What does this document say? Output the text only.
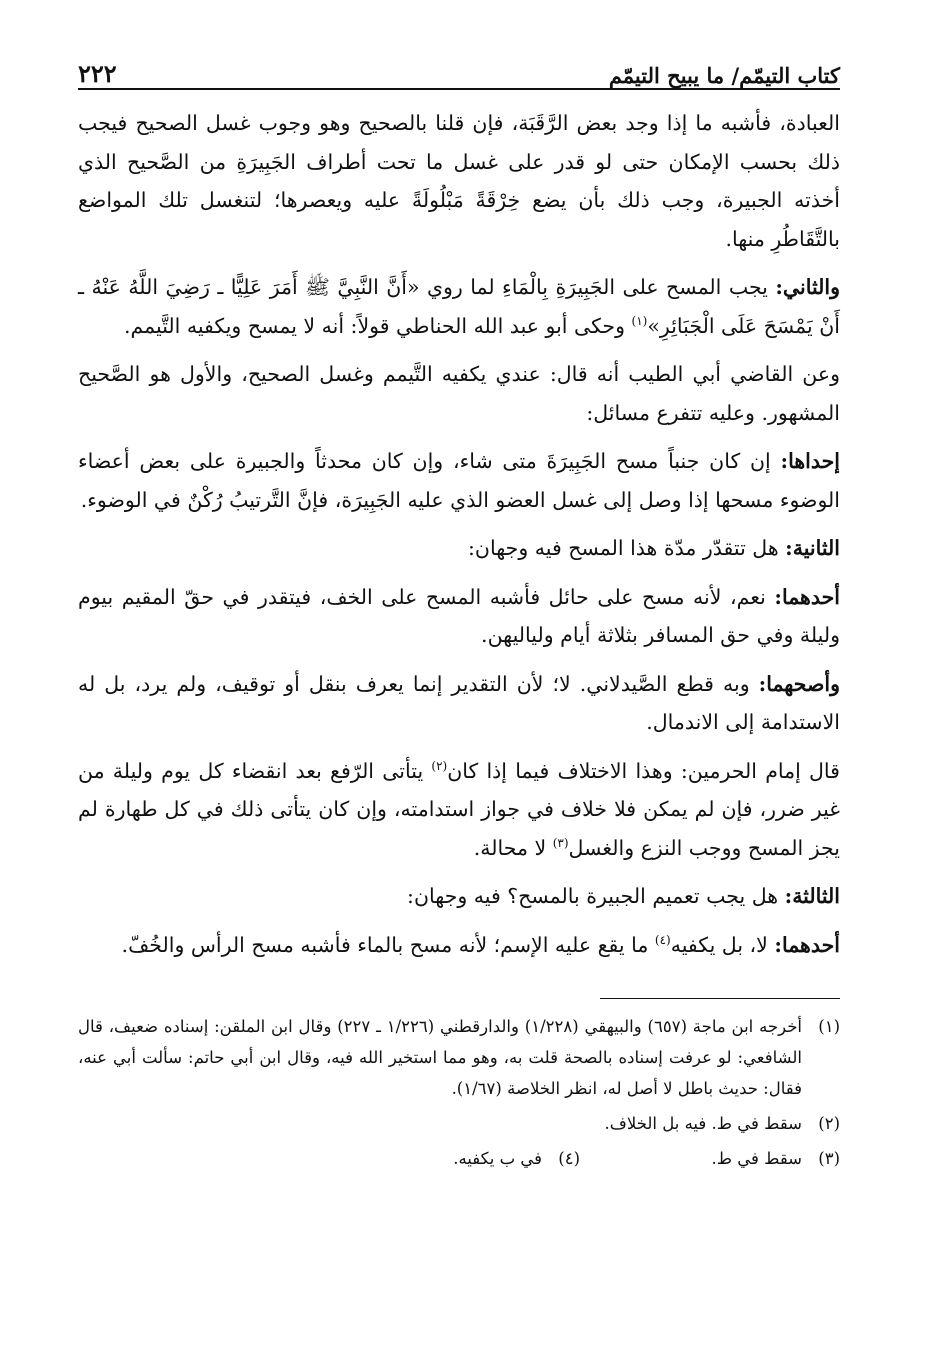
كتاب التيمّم/ ما يبيح التيمّم
٢٢٢

العبادة، فأشبه ما إذا وجد بعض الرَّقَبَة، فإن قلنا بالصحيح وهو وجوب غسل الصحيح فيجب ذلك بحسب الإمكان حتى لو قدر على غسل ما تحت أطراف الجَبِيرَةِ من الصَّحيح الذي أخذته الجبيرة، وجب ذلك بأن يضع خِرْقَةً مَبْلُولَةً عليه ويعصرها؛ لتنغسل تلك المواضع بالتَّقَاطُرِ منها.

والثاني: يجب المسح على الجَبِيرَةِ بِالْمَاءِ لما روي «أَنَّ النَّبِيَّ ﷺ أَمَرَ عَلِيًّا ـ رَضِيَ اللَّهُ عَنْهُ ـ أَنْ يَمْسَحَ عَلَى الْجَبَائِرِ»$^{(١)}$ وحكى أبو عبد الله الحناطي قولاً: أنه لا يمسح ويكفيه التَّيمم.

وعن القاضي أبي الطيب أنه قال: عندي يكفيه التَّيمم وغسل الصحيح، والأول هو الصَّحيح المشهور. وعليه تتفرع مسائل:

إحداها: إن كان جنباً مسح الجَبِيرَةَ متى شاء، وإن كان محدثاً والجبيرة على بعض أعضاء الوضوء مسحها إذا وصل إلى غسل العضو الذي عليه الجَبِيرَة، فإنَّ التَّرتيبُ رُكْنٌ في الوضوء.

الثانية: هل تتقدّر مدّة هذا المسح فيه وجهان:

أحدهما: نعم، لأنه مسح على حائل فأشبه المسح على الخف، فيتقدر في حقّ المقيم بيوم وليلة وفي حق المسافر بثلاثة أيام ولياليهن.

وأصحهما: وبه قطع الصَّيدلاني. لا؛ لأن التقدير إنما يعرف بنقل أو توقيف، ولم يرد، بل له الاستدامة إلى الاندمال.

قال إمام الحرمين: وهذا الاختلاف فيما إذا كان$^{(٢)}$ يتأتى الرّفع بعد انقضاء كل يوم وليلة من غير ضرر، فإن لم يمكن فلا خلاف في جواز استدامته، وإن كان يتأتى ذلك في كل طهارة لم يجز المسح ووجب النزع والغسل$^{(٣)}$ لا محالة.

الثالثة: هل يجب تعميم الجبيرة بالمسح؟ فيه وجهان:

أحدهما: لا، بل يكفيه$^{(٤)}$ ما يقع عليه الإسم؛ لأنه مسح بالماء فأشبه مسح الرأس والخُفّ.

(١)
أخرجه ابن ماجة (٦٥٧) والبيهقي (١/٢٢٨) والدارقطني (١/٢٢٦ ـ ٢٢٧) وقال ابن الملقن: إسناده ضعيف، قال الشافعي: لو عرفت إسناده بالصحة قلت به، وهو مما استخير الله فيه، وقال ابن أبي حاتم: سألت أبي عنه، فقال: حديث باطل لا أصل له، انظر الخلاصة (١/٦٧).
(٢)
سقط في ط. فيه بل الخلاف.
(٣)
سقط في ط.
(٤)
في ب يكفيه.
